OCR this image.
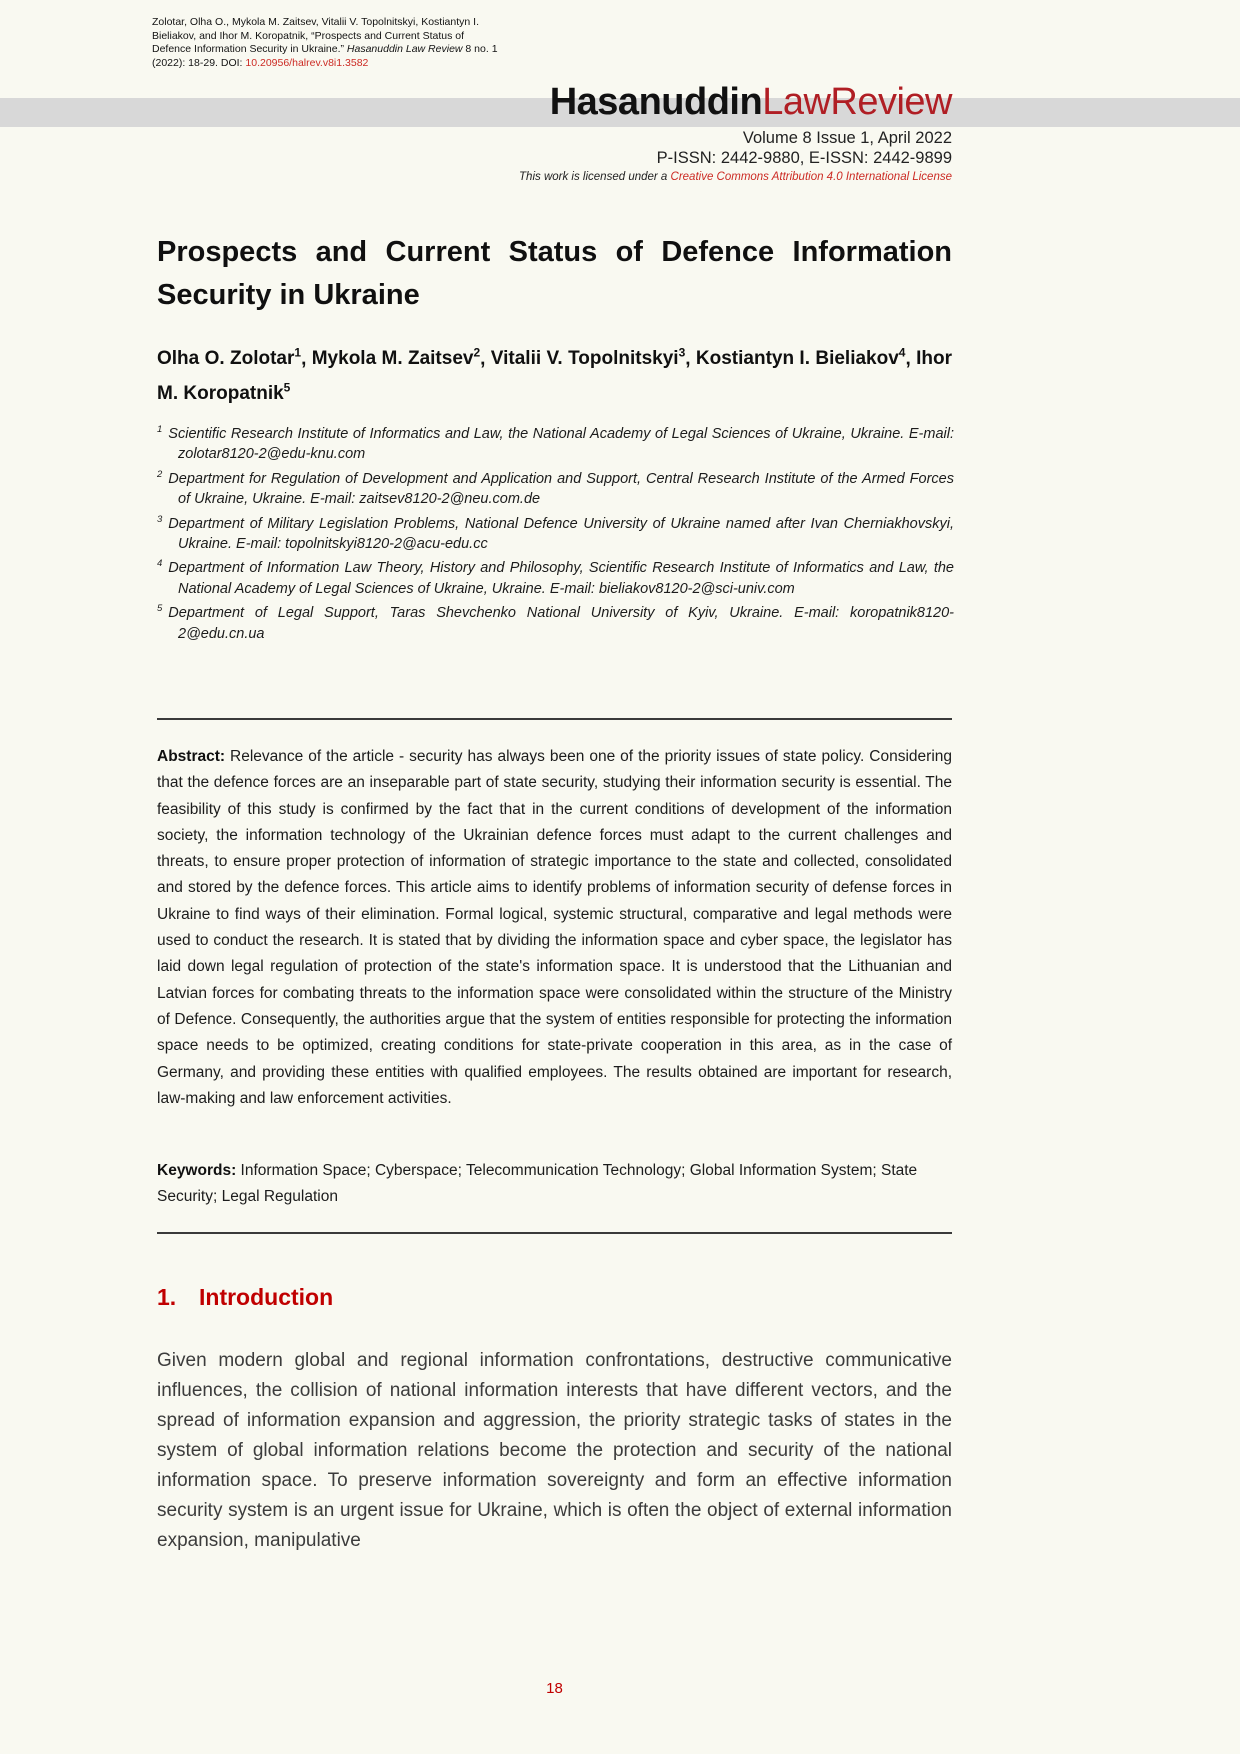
Zolotar, Olha O., Mykola M. Zaitsev, Vitalii V. Topolnitskyi, Kostiantyn I. Bieliakov, and Ihor M. Koropatnik, “Prospects and Current Status of Defence Information Security in Ukraine.” Hasanuddin Law Review 8 no. 1 (2022): 18-29. DOI: 10.20956/halrev.v8i1.3582
HasanuddinLawReview
Volume 8 Issue 1, April 2022
P-ISSN: 2442-9880, E-ISSN: 2442-9899
This work is licensed under a Creative Commons Attribution 4.0 International License
Prospects and Current Status of Defence Information Security in Ukraine

Olha O. Zolotar$^1$, Mykola M. Zaitsev$^2$, Vitalii V. Topolnitskyi$^3$, Kostiantyn I. Bieliakov$^4$, Ihor M. Koropatnik$^5$

$^1$ Scientific Research Institute of Informatics and Law, the National Academy of Legal Sciences of Ukraine, Ukraine. E-mail: zolotar8120-2@edu-knu.com
$^2$ Department for Regulation of Development and Application and Support, Central Research Institute of the Armed Forces of Ukraine, Ukraine. E-mail: zaitsev8120-2@neu.com.de
$^3$ Department of Military Legislation Problems, National Defence University of Ukraine named after Ivan Cherniakhovskyi, Ukraine. E-mail: topolnitskyi8120-2@acu-edu.cc
$^4$ Department of Information Law Theory, History and Philosophy, Scientific Research Institute of Informatics and Law, the National Academy of Legal Sciences of Ukraine, Ukraine. E-mail: bieliakov8120-2@sci-univ.com
$^5$ Department of Legal Support, Taras Shevchenko National University of Kyiv, Ukraine. E-mail: koropatnik8120-2@edu.cn.ua

Abstract: Relevance of the article - security has always been one of the priority issues of state policy. Considering that the defence forces are an inseparable part of state security, studying their information security is essential. The feasibility of this study is confirmed by the fact that in the current conditions of development of the information society, the information technology of the Ukrainian defence forces must adapt to the current challenges and threats, to ensure proper protection of information of strategic importance to the state and collected, consolidated and stored by the defence forces. This article aims to identify problems of information security of defense forces in Ukraine to find ways of their elimination. Formal logical, systemic structural, comparative and legal methods were used to conduct the research. It is stated that by dividing the information space and cyber space, the legislator has laid down legal regulation of protection of the state's information space. It is understood that the Lithuanian and Latvian forces for combating threats to the information space were consolidated within the structure of the Ministry of Defence. Consequently, the authorities argue that the system of entities responsible for protecting the information space needs to be optimized, creating conditions for state-private cooperation in this area, as in the case of Germany, and providing these entities with qualified employees. The results obtained are important for research, law-making and law enforcement activities.

Keywords: Information Space; Cyberspace; Telecommunication Technology; Global Information System; State Security; Legal Regulation

1. Introduction

Given modern global and regional information confrontations, destructive communicative influences, the collision of national information interests that have different vectors, and the spread of information expansion and aggression, the priority strategic tasks of states in the system of global information relations become the protection and security of the national information space. To preserve information sovereignty and form an effective information security system is an urgent issue for Ukraine, which is often the object of external information expansion, manipulative

18
